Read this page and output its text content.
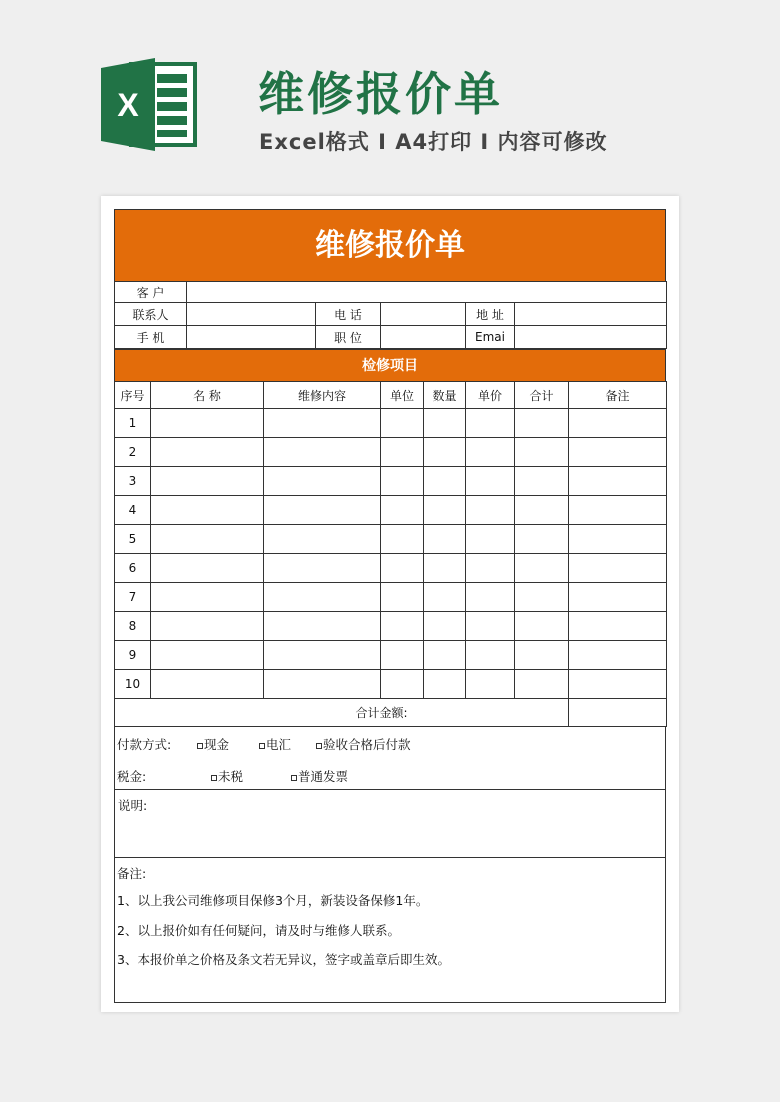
X	维修报价单
Excel格式 I A4打印 I 内容可修改
维修报价单
客 户					
联系人		电 话		地 址	
手 机		职 位		Emai	
检修项目
序号	名 称	维修内容	单位	数量	单价	合计	备注
1							
2							
3							
4							
5							
6							
7							
8							
9							
10							
合计金额:							
付款方式:	现金	电汇	验收合格后付款
税金:	未税	普通发票
说明:
备注:
1、以上我公司维修项目保修3个月，新装设备保修1年。
2、以上报价如有任何疑问，请及时与维修人联系。
3、本报价单之价格及条文若无异议，签字或盖章后即生效。
